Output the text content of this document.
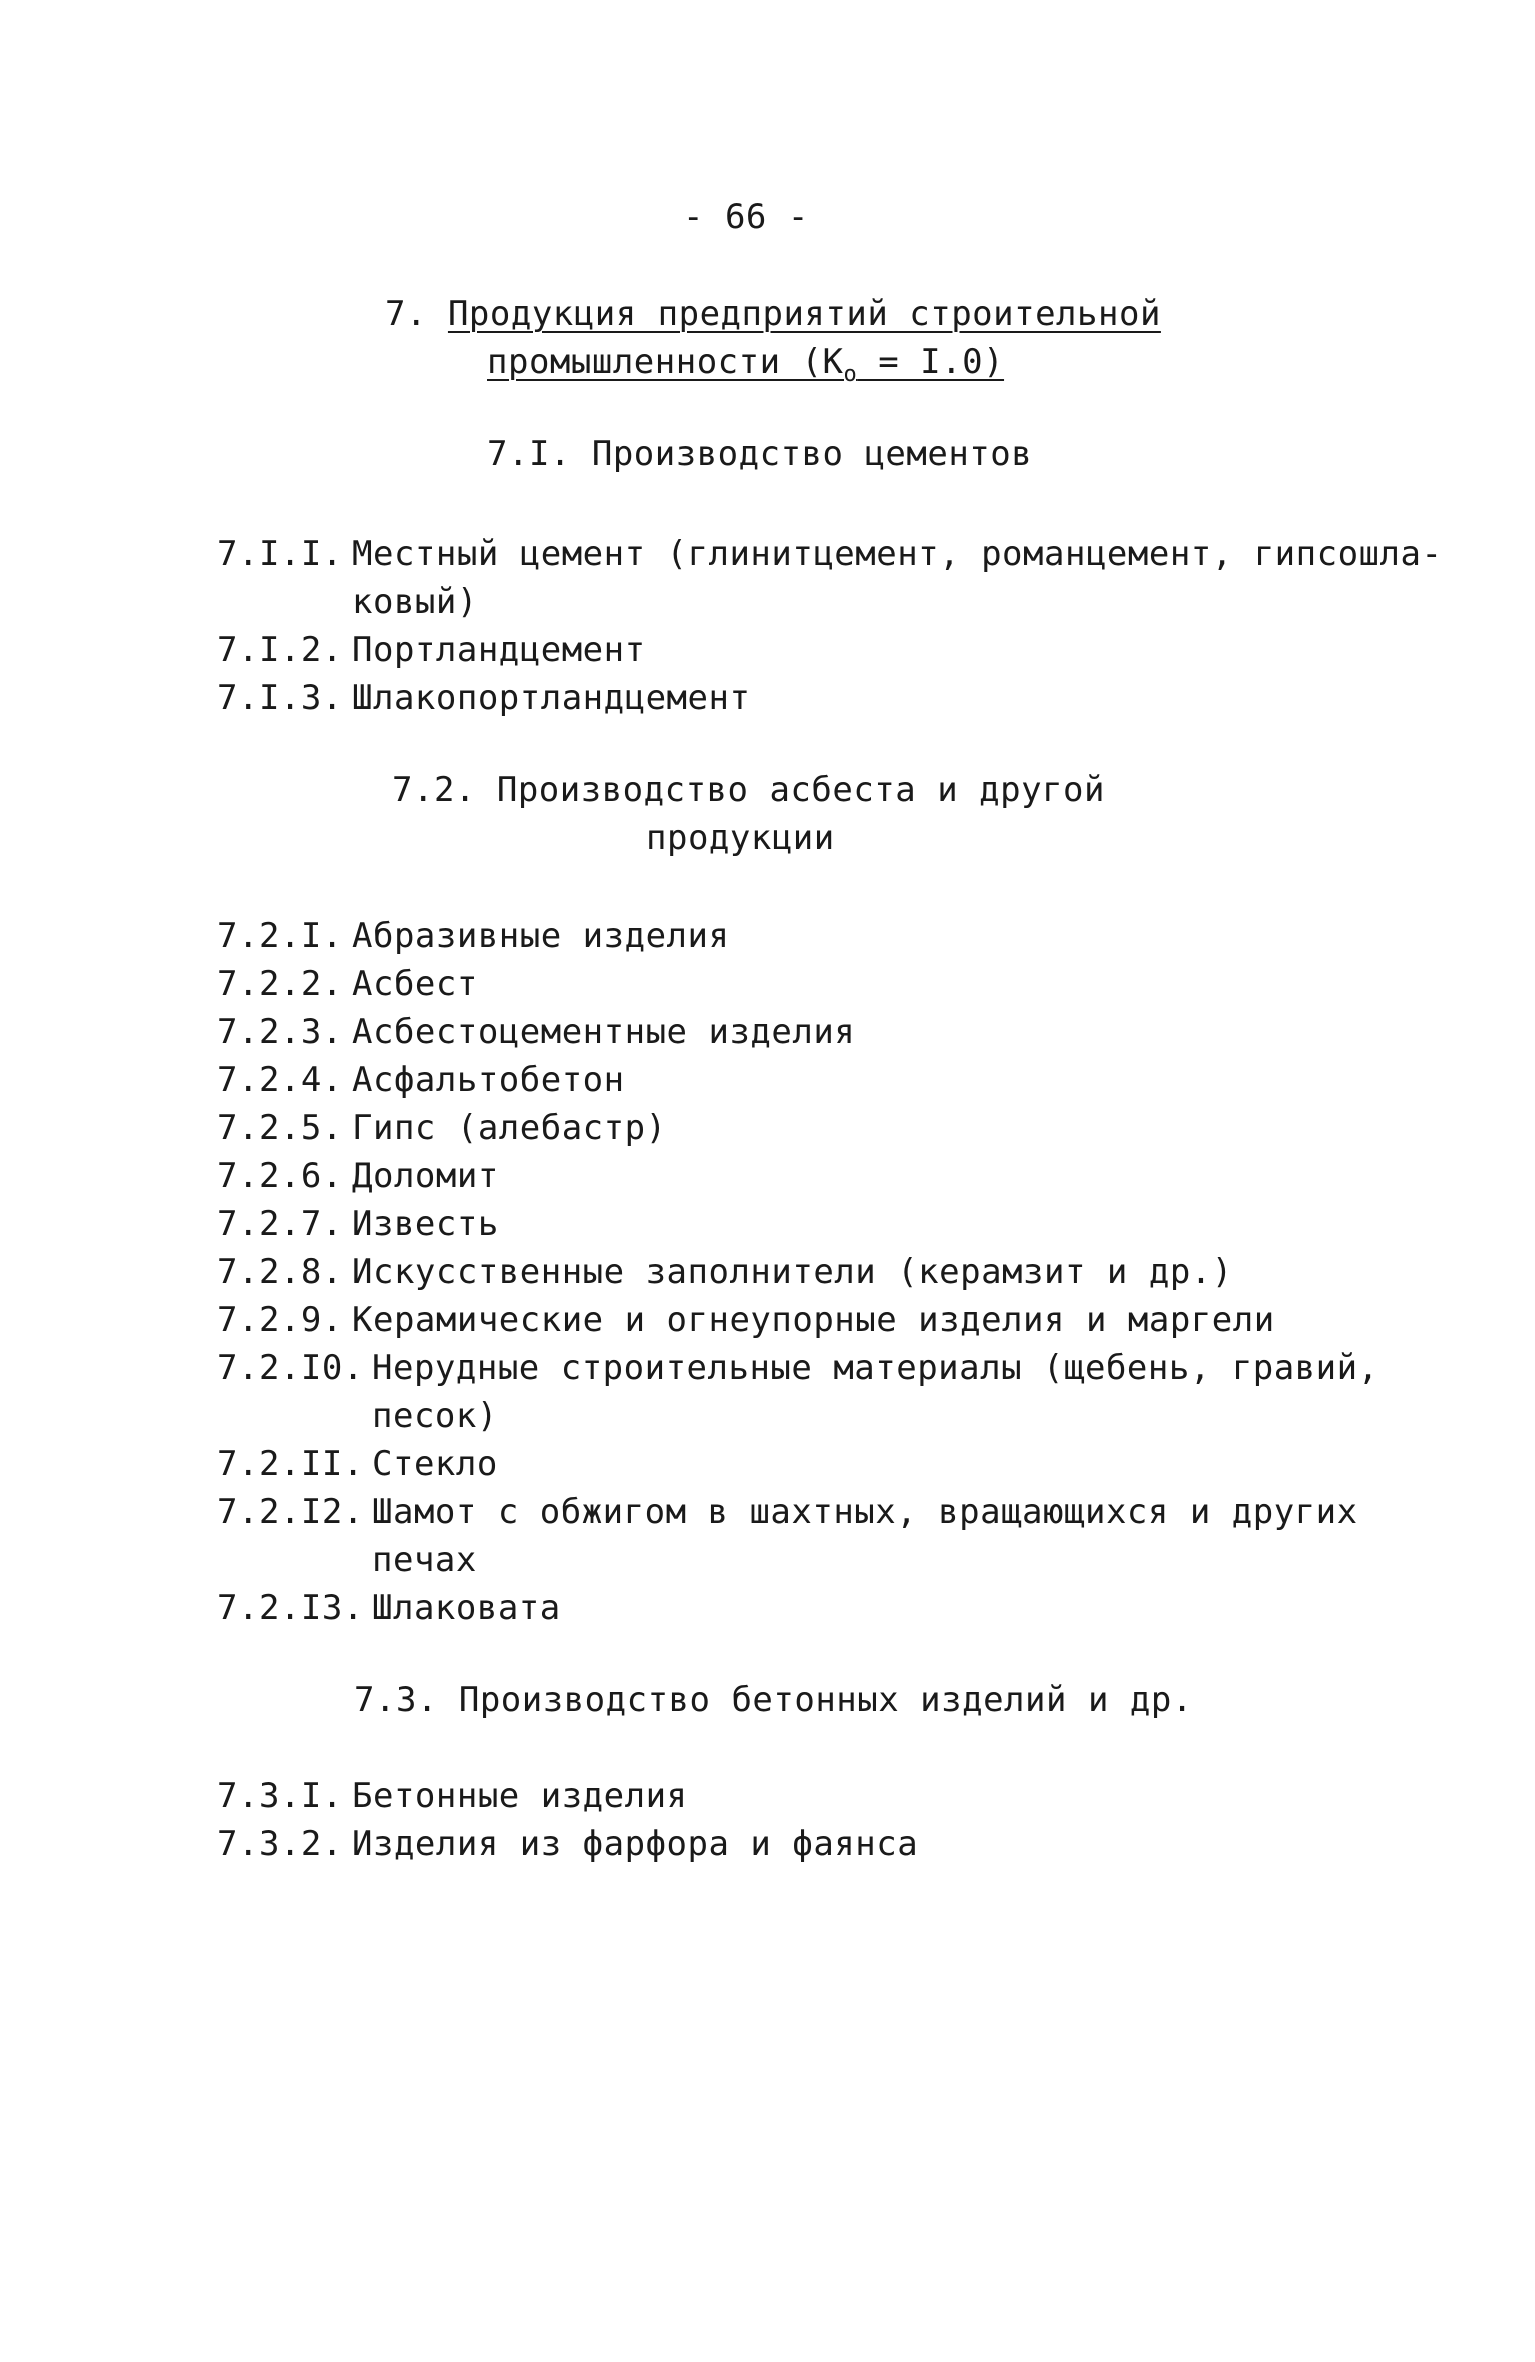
- 66 -
7. Продукция предприятий строительной
промышленности $(К_о = I.0)$
7.I. Производство цементов
7.I.I. Местный цемент (глинитцемент, романцемент, гипсошла-
ковый)
7.I.2. Портландцемент
7.I.3. Шлакопортландцемент
7.2. Производство асбеста и другой
продукции
7.2.I. Абразивные изделия
7.2.2. Асбест
7.2.3. Асбестоцементные изделия
7.2.4. Асфальтобетон
7.2.5. Гипс (алебастр)
7.2.6. Доломит
7.2.7. Известь
7.2.8. Искусственные заполнители (керамзит и др.)
7.2.9. Керамические и огнеупорные изделия и маргели
7.2.I0. Нерудные строительные материалы (щебень, гравий,
песок)
7.2.II. Стекло
7.2.I2. Шамот с обжигом в шахтных, вращающихся и других
печах
7.2.I3. Шлаковата
7.3. Производство бетонных изделий и др.
7.3.I. Бетонные изделия
7.3.2. Изделия из фарфора и фаянса
